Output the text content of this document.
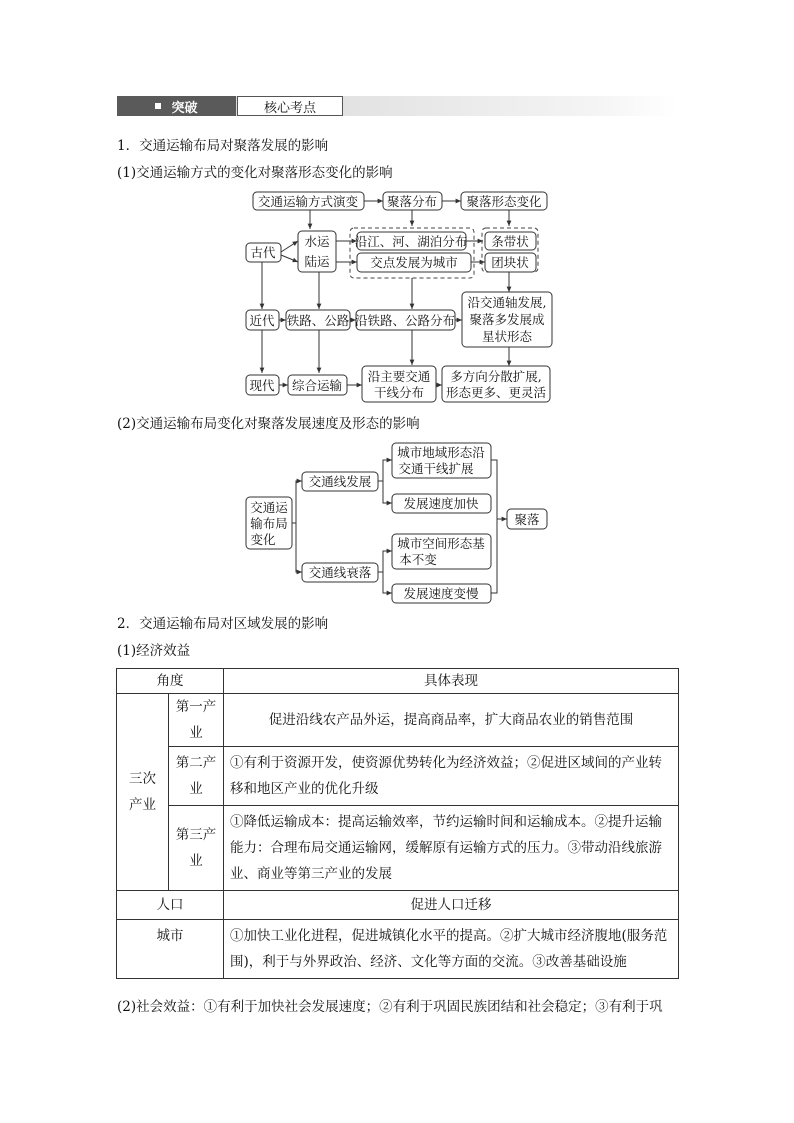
突破	核心考点
1．交通运输布局对聚落发展的影响
(1)交通运输方式的变化对聚落形态变化的影响
交通运输方式演变 聚落分布 聚落形态变化
古代
水运
陆运
沿江、河、湖泊分布
交点发展为城市
条带状
团块状
近代 铁路、公路 沿铁路、公路分布
沿交通轴发展,
聚落多发展成
星状形态
现代 综合运输
沿主要交通
干线分布
多方向分散扩展,
形态更多、更灵活
交通运
输布局
变化
交通线发展
交通线衰落
城市地域形态沿
交通干线扩展
发展速度加快
城市空间形态基
本不变
发展速度变慢
聚落
(2)交通运输布局变化对聚落发展速度及形态的影响
2．交通运输布局对区域发展的影响
(1)经济效益
角度		具体表现
三次产业	第一产业	促进沿线农产品外运，提高商品率，扩大商品农业的销售范围
	第二产业	①有利于资源开发，使资源优势转化为经济效益；②促进区域间的产业转移和地区产业的优化升级
	第三产业	①降低运输成本：提高运输效率，节约运输时间和运输成本。②提升运输能力：合理布局交通运输网，缓解原有运输方式的压力。③带动沿线旅游业、商业等第三产业的发展
人口		促进人口迁移
城市		①加快工业化进程，促进城镇化水平的提高。②扩大城市经济腹地(服务范围)，利于与外界政治、经济、文化等方面的交流。③改善基础设施
(2)社会效益：①有利于加快社会发展速度；②有利于巩固民族团结和社会稳定；③有利于巩
